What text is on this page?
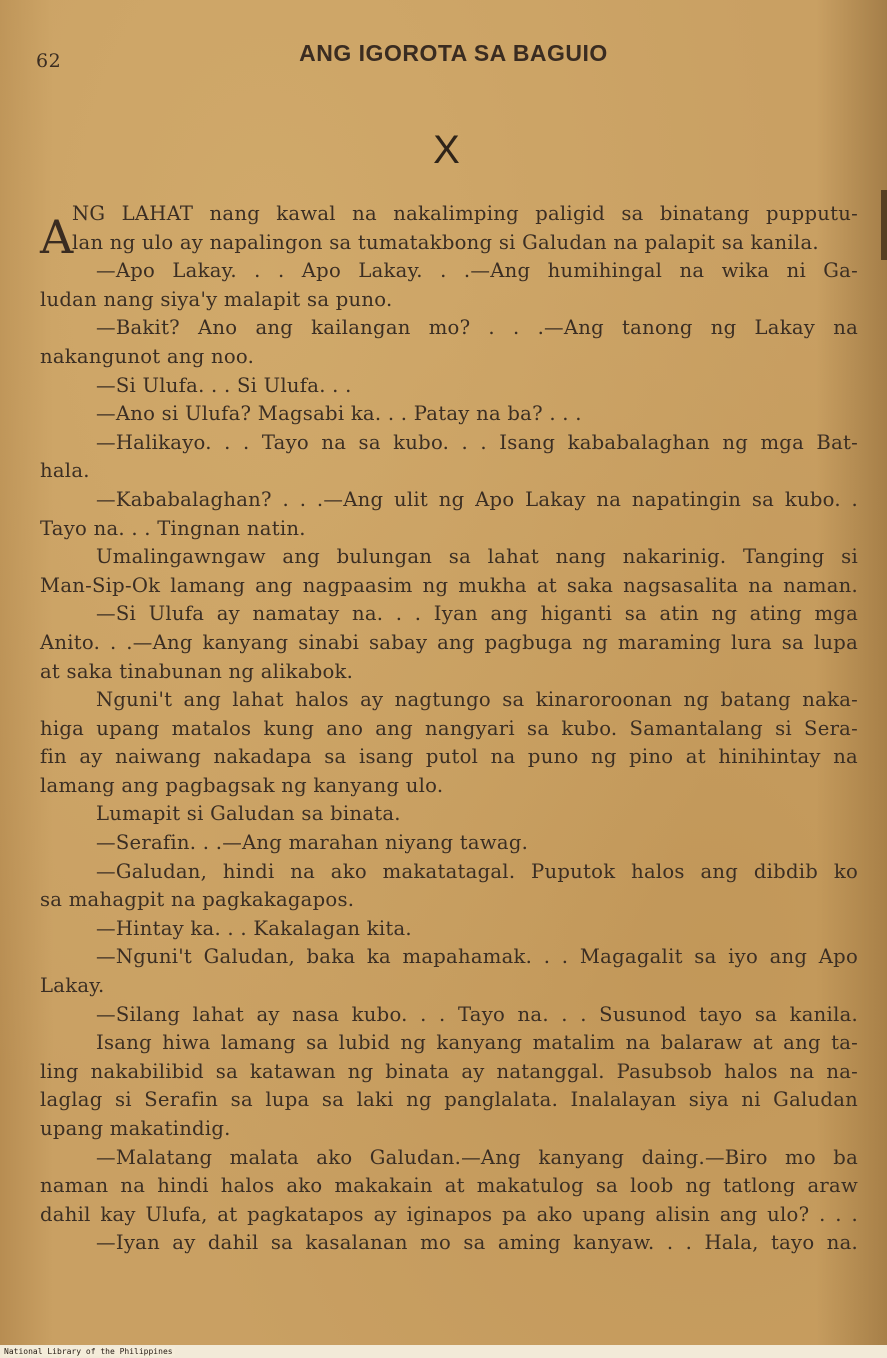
62	ANG IGOROTA SA BAGUIO
X
A
NG LAHAT nang kawal na nakalimping paligid sa binatang pupputu-
lan ng ulo ay napalingon sa tumatakbong si Galudan na palapit sa kanila.
—Apo Lakay. . . Apo Lakay. . .—Ang humihingal na wika ni Ga-
ludan nang siya'y malapit sa puno.
—Bakit? Ano ang kailangan mo? . . .—Ang tanong ng Lakay na
nakangunot ang noo.
—Si Ulufa. . . Si Ulufa. . .
—Ano si Ulufa? Magsabi ka. . . Patay na ba? . . .
—Halikayo. . . Tayo na sa kubo. . . Isang kababalaghan ng mga Bat-
hala.
—Kababalaghan? . . .—Ang ulit ng Apo Lakay na napatingin sa kubo. .
Tayo na. . . Tingnan natin.
Umalingawngaw ang bulungan sa lahat nang nakarinig. Tanging si
Man-Sip-Ok lamang ang nagpaasim ng mukha at saka nagsasalita na naman.
—Si Ulufa ay namatay na. . . Iyan ang higanti sa atin ng ating mga
Anito. . .—Ang kanyang sinabi sabay ang pagbuga ng maraming lura sa lupa
at saka tinabunan ng alikabok.
Nguni't ang lahat halos ay nagtungo sa kinaroroonan ng batang naka-
higa upang matalos kung ano ang nangyari sa kubo. Samantalang si Sera-
fin ay naiwang nakadapa sa isang putol na puno ng pino at hinihintay na
lamang ang pagbagsak ng kanyang ulo.
Lumapit si Galudan sa binata.
—Serafin. . .—Ang marahan niyang tawag.
—Galudan, hindi na ako makatatagal. Puputok halos ang dibdib ko
sa mahagpit na pagkakagapos.
—Hintay ka. . . Kakalagan kita.
—Nguni't Galudan, baka ka mapahamak. . . Magagalit sa iyo ang Apo
Lakay.
—Silang lahat ay nasa kubo. . . Tayo na. . . Susunod tayo sa kanila.
Isang hiwa lamang sa lubid ng kanyang matalim na balaraw at ang ta-
ling nakabilibid sa katawan ng binata ay natanggal. Pasubsob halos na na-
laglag si Serafin sa lupa sa laki ng panglalata. Inalalayan siya ni Galudan
upang makatindig.
—Malatang malata ako Galudan.—Ang kanyang daing.—Biro mo ba
naman na hindi halos ako makakain at makatulog sa loob ng tatlong araw
dahil kay Ulufa, at pagkatapos ay iginapos pa ako upang alisin ang ulo? . . .
—Iyan ay dahil sa kasalanan mo sa aming kanyaw. . . Hala, tayo na.
National Library of the Philippines
